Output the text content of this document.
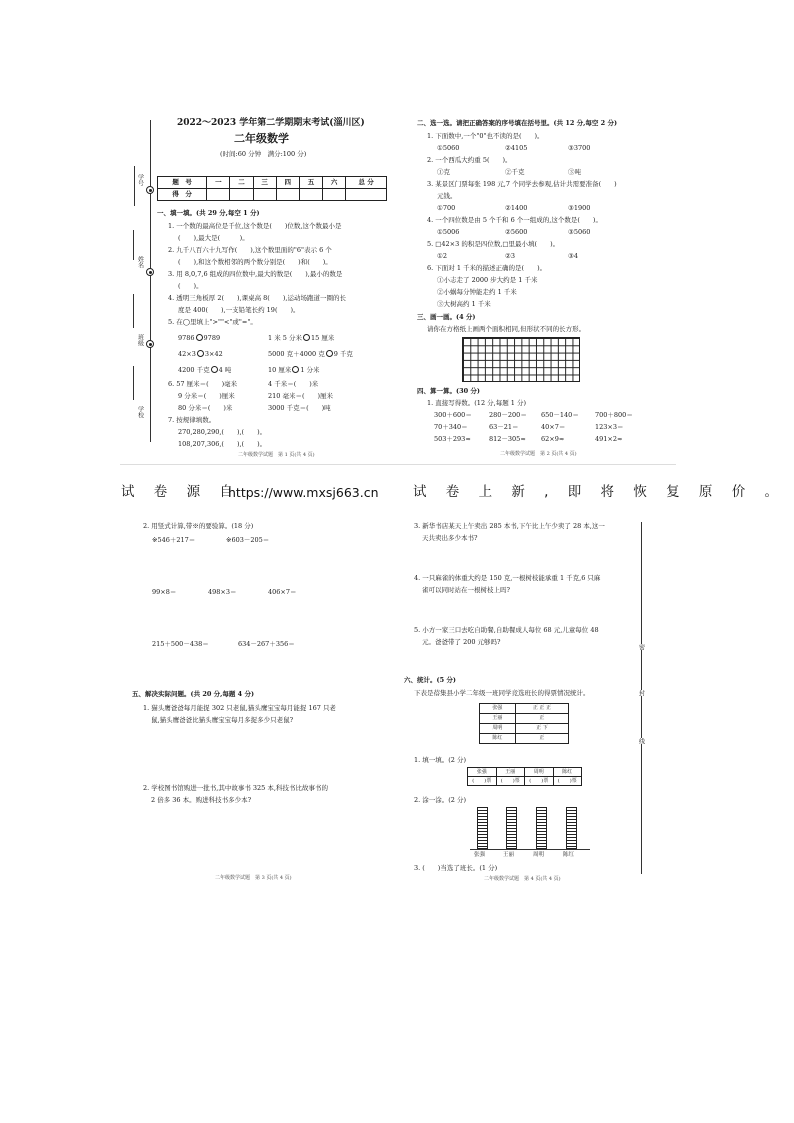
学号
姓名
班级
学校
2022～2023 学年第二学期期末考试(淄川区)
二年级数学
(时间:60 分钟　满分:100 分)
题　号	一	二	三	四	五	六	总 分
得　分							
一、填一填。(共 29 分,每空 1 分)
1. 一个数的最高位是千位,这个数是(　　)位数,这个数最小是
(　　),最大是(　　　)。
2. 九千八百六十九写作(　　),这个数里面的"6"表示 6 个
(　　),和这个数相邻的两个数分别是(　　)和(　　)。
3. 用 8,0,7,6 组成的四位数中,最大的数是(　　),最小的数是
(　　)。
4. 透明三角板厚 2(　　),课桌高 8(　　),运动场跑道一圈的长
度是 400(　　),一支铅笔长约 19(　　)。
5. 在◯里填上">""<"或"="。
9786 9789	1 米 5 分米 15 厘米
42×3 3×42	5000 克＋4000 克 9 千克
4200 千克 4 吨	10 厘米 1 分米
6. 57 厘米＝(　　)毫米	4 千米＝(　　)米
9 分米＝(　　)厘米	210 毫米＝(　　)厘米
80 分米＝(　　)米	3000 千克＝(　　)吨
7. 按规律填数。
270,280,290,(　　),(　　)。
108,207,306,(　　),(　　)。
二年级数学试题　第 1 页(共 4 页)
二、选一选。请把正确答案的序号填在括号里。(共 12 分,每空 2 分)
1. 下面数中,一个"0"也不读的是(　　)。
①5060	②4105	③3700
2. 一个西瓜大约重 5(　　)。
①克	②千克	③吨
3. 某景区门票每张 198 元,7 个同学去参观,估计共需要准备(　　)
元钱。
①700	②1400	③1900
4. 一个四位数是由 5 个千和 6 个一组成的,这个数是(　　)。
①5006	②5600	③5060
5. □42×3 的积是四位数,□里最小填(　　)。
①2	②3	③4
6. 下面对 1 千米的描述正确的是(　　)。
①小志走了 2000 步大约是 1 千米
②小蜗每分钟能走约 1 千米
③大树高约 1 千米
三、画一画。(4 分)
请你在方格纸上画两个面积相同,但形状不同的长方形。
四、算一算。(30 分)
1. 直接写得数。(12 分,每题 1 分)
300＋600＝	280－200＝ 650－140＝ 700＋800＝
70＋340＝	63－21＝	40×7＝	123×3＝
503＋293≈	812－305≈ 62×9≈	491×2≈
二年级数学试题　第 2 页(共 4 页)
试 卷 源 自
https://www.mxsj663.cn	试 卷 上 新 , 即 将 恢 复 原 价 。
2. 用竖式计算,带※的要验算。(18 分)
※546＋217＝	※603－205＝
99×8＝	498×3＝	406×7＝
215＋500－438＝	634－267＋356＝
五、解决实际问题。(共 20 分,每题 4 分)
1. 猫头鹰爸爸每月能捉 302 只老鼠,猫头鹰宝宝每月能捉 167 只老
鼠,猫头鹰爸爸比猫头鹰宝宝每月多捉多少只老鼠?
2. 学校图书馆购进一批书,其中故事书 325 本,科技书比故事书的
2 倍多 36 本。购进科技书多少本?
二年级数学试题　第 3 页(共 4 页)
3. 新华书店某天上午卖出 285 本书,下午比上午少卖了 28 本,这一
天共卖出多少本书?
4. 一只麻雀的体重大约是 150 克,一根树枝能承重 1 千克,6 只麻
雀可以同时站在一根树枝上吗?
5. 小方一家三口去吃自助餐,自助餐成人每位 68 元,儿童每位 48
元。爸爸带了 200 元够吗?
六、统计。(5 分)
下表是蓓集县小学二年级一班同学竞选班长的得票情况统计。
张强	正 正 正
王丽	正
周明	正 下
陈红	正
1. 填一填。(2 分)
张强	王丽	周明	陈红
(　　)票	(　　)票	(　　)票	(　　)票
2. 涂一涂。(2 分)
张强	王丽	周明	陈红
3. (　　)当选了班长。(1 分)
二年级数学试题　第 4 页(共 4 页)
密
封
线
